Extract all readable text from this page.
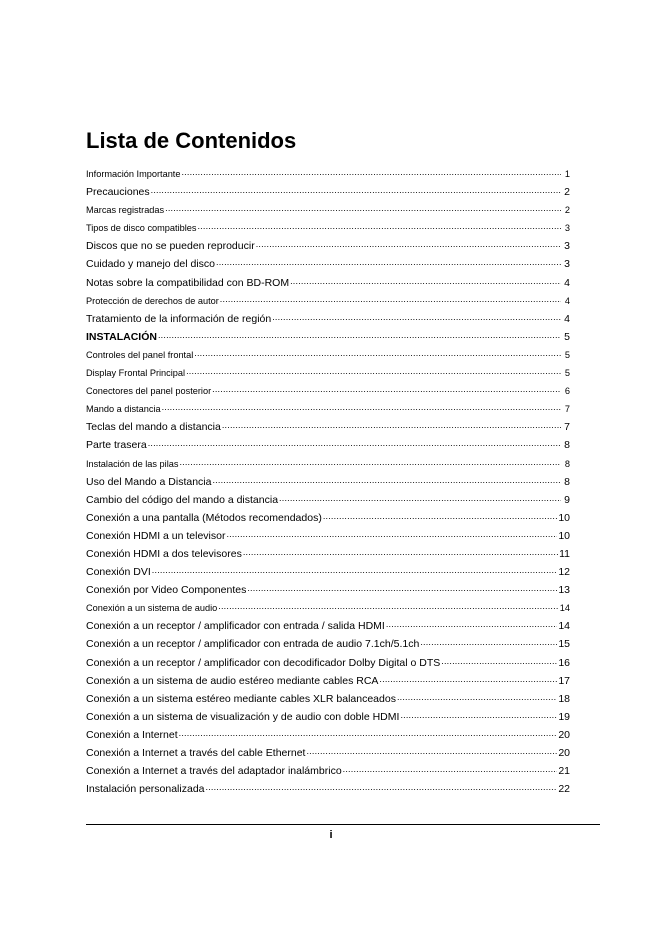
Lista de Contenidos
Información Importante .....	1
Precauciones .....	2
Marcas registradas .....	2
Tipos de disco compatibles .....	3
Discos que no se pueden reproducir .....	3
Cuidado y manejo del disco .....	3
Notas sobre la compatibilidad con BD-ROM .....	4
Protección de derechos de autor .....	4
Tratamiento de la información de región .....	4
INSTALACIÓN .....	5
Controles del panel frontal .....	5
Display Frontal Principal .....	5
Conectores del panel posterior .....	6
Mando a distancia .....	7
Teclas del mando a distancia .....	7
Parte trasera .....	8
Instalación de las pilas .....	8
Uso del Mando a Distancia .....	8
Cambio del código del mando a distancia .....	9
Conexión a una pantalla (Métodos recomendados) .....	10
Conexión HDMI a un televisor .....	10
Conexión HDMI a dos televisores .....	11
Conexión DVI .....	12
Conexión por Video Componentes .....	13
Conexión a un sistema de audio .....	14
Conexión a un receptor / amplificador con entrada / salida HDMI .....	14
Conexión a un receptor / amplificador con entrada de audio 7.1ch/5.1ch .....	15
Conexión a un receptor / amplificador con decodificador Dolby Digital o DTS .....	16
Conexión a un sistema de audio estéreo mediante cables RCA .....	17
Conexión a un sistema estéreo mediante cables XLR balanceados .....	18
Conexión a un sistema de visualización y de audio con doble HDMI .....	19
Conexión a Internet .....	20
Conexión a Internet a través del cable Ethernet .....	20
Conexión a Internet a través del adaptador inalámbrico .....	21
Instalación personalizada .....	22
i
